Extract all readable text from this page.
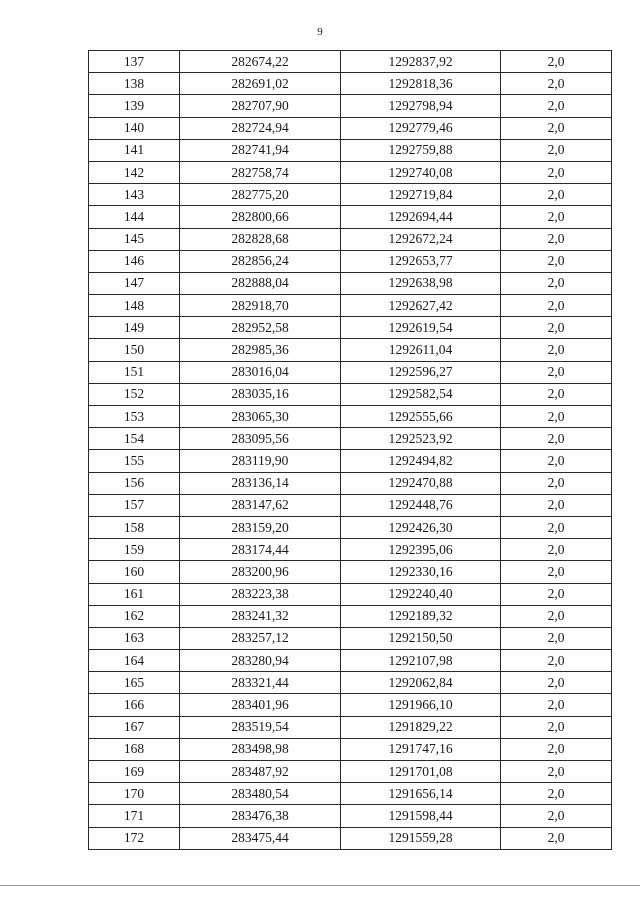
9
137	282674,22	1292837,92	2,0
138	282691,02	1292818,36	2,0
139	282707,90	1292798,94	2,0
140	282724,94	1292779,46	2,0
141	282741,94	1292759,88	2,0
142	282758,74	1292740,08	2,0
143	282775,20	1292719,84	2,0
144	282800,66	1292694,44	2,0
145	282828,68	1292672,24	2,0
146	282856,24	1292653,77	2,0
147	282888,04	1292638,98	2,0
148	282918,70	1292627,42	2,0
149	282952,58	1292619,54	2,0
150	282985,36	1292611,04	2,0
151	283016,04	1292596,27	2,0
152	283035,16	1292582,54	2,0
153	283065,30	1292555,66	2,0
154	283095,56	1292523,92	2,0
155	283119,90	1292494,82	2,0
156	283136,14	1292470,88	2,0
157	283147,62	1292448,76	2,0
158	283159,20	1292426,30	2,0
159	283174,44	1292395,06	2,0
160	283200,96	1292330,16	2,0
161	283223,38	1292240,40	2,0
162	283241,32	1292189,32	2,0
163	283257,12	1292150,50	2,0
164	283280,94	1292107,98	2,0
165	283321,44	1292062,84	2,0
166	283401,96	1291966,10	2,0
167	283519,54	1291829,22	2,0
168	283498,98	1291747,16	2,0
169	283487,92	1291701,08	2,0
170	283480,54	1291656,14	2,0
171	283476,38	1291598,44	2,0
172	283475,44	1291559,28	2,0
